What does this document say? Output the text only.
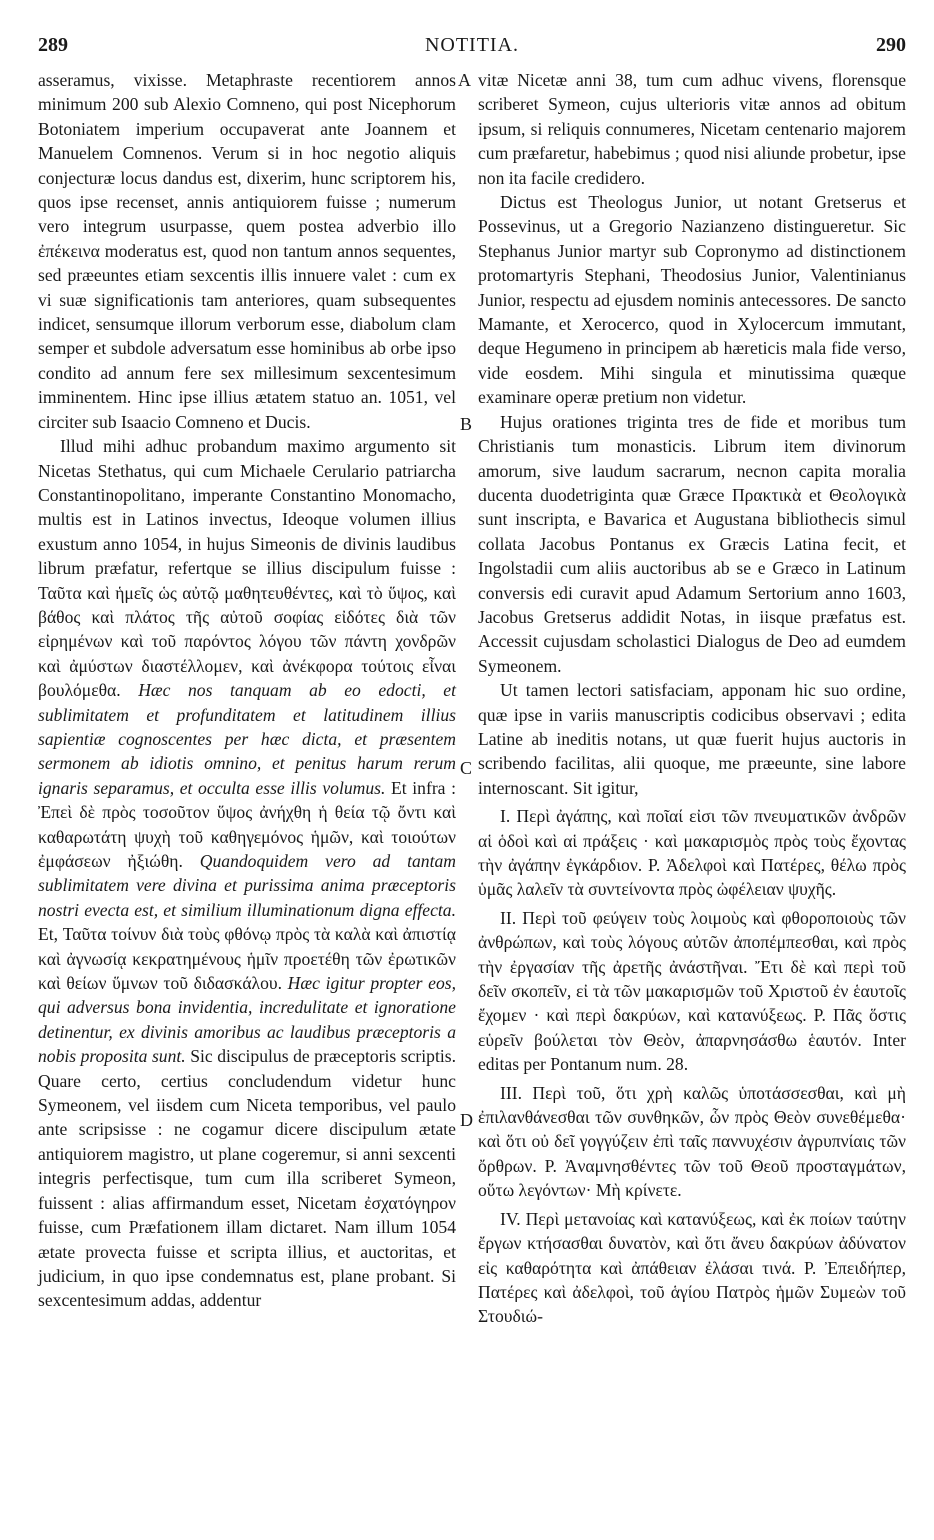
289	NOTITIA.	290
A
B
C
D

asseramus, vixisse. Metaphraste recentiorem annos minimum 200 sub Alexio Comneno, qui post Nicephorum Botoniatem imperium occupaverat ante Joannem et Manuelem Comnenos. Verum si in hoc negotio aliquis conjecturæ locus dandus est, dixerim, hunc scriptorem his, quos ipse recenset, annis antiquiorem fuisse ; numerum vero integrum usurpasse, quem postea adverbio illo ἐπέκεινα moderatus est, quod non tantum annos sequentes, sed præeuntes etiam sexcentis illis innuere valet : cum ex vi suæ significationis tam anteriores, quam subsequentes indicet, sensumque illorum verborum esse, diabolum clam semper et subdole adversatum esse hominibus ab orbe ipso condito ad annum fere sex millesimum sexcentesimum imminentem. Hinc ipse illius ætatem statuo an. 1051, vel circiter sub Isaacio Comneno et Ducis.

Illud mihi adhuc probandum maximo argumento sit Nicetas Stethatus, qui cum Michaele Cerulario patriarcha Constantinopolitano, imperante Constantino Monomacho, multis est in Latinos invectus, Ideoque volumen illius exustum anno 1054, in hujus Simeonis de divinis laudibus librum præfatur, refertque se illius discipulum fuisse : Ταῦτα καὶ ἡμεῖς ὡς αὐτῷ μαθητευθέντες, καὶ τὸ ὕψος, καὶ βάθος καὶ πλάτος τῆς αὐτοῦ σοφίας εἰδότες διὰ τῶν εἰρημένων καὶ τοῦ παρόντος λόγου τῶν πάντη χονδρῶν καὶ ἀμύστων διαστέλλομεν, καὶ ἀνέκφορα τούτοις εἶναι βουλόμεθα. Hæc nos tanquam ab eo edocti, et sublimitatem et profunditatem et latitudinem illius sapientiæ cognoscentes per hæc dicta, et præsentem sermonem ab idiotis omnino, et penitus harum rerum ignaris separamus, et occulta esse illis volumus. Et infra : Ἐπεὶ δὲ πρὸς τοσοῦτον ὕψος ἀνήχθη ἡ θεία τῷ ὄντι καὶ καθαρωτάτη ψυχὴ τοῦ καθηγεμόνος ἡμῶν, καὶ τοιούτων ἐμφάσεων ἠξιώθη. Quandoquidem vero ad tantam sublimitatem vere divina et purissima anima præceptoris nostri evecta est, et similium illuminationum digna effecta. Et, Ταῦτα τοίνυν διὰ τοὺς φθόνῳ πρὸς τὰ καλὰ καὶ ἀπιστίᾳ καὶ ἀγνωσίᾳ κεκρατημένους ἡμῖν προετέθη τῶν ἐρωτικῶν καὶ θείων ὕμνων τοῦ διδασκάλου. Hæc igitur propter eos, qui adversus bona invidentia, incredulitate et ignoratione detinentur, ex divinis amoribus ac laudibus præceptoris a nobis proposita sunt. Sic discipulus de præceptoris scriptis. Quare certo, certius concludendum videtur hunc Symeonem, vel iisdem cum Niceta temporibus, vel paulo ante scripsisse : ne cogamur dicere discipulum ætate antiquiorem magistro, ut plane cogeremur, si anni sexcenti integris perfectisque, tum cum illa scriberet Symeon, fuissent : alias affirmandum esset, Nicetam ἐσχατόγηρον fuisse, cum Præfationem illam dictaret. Nam illum 1054 ætate provecta fuisse et scripta illius, et auctoritas, et judicium, in quo ipse condemnatus est, plane probant. Si sexcentesimum addas, addentur

vitæ Nicetæ anni 38, tum cum adhuc vivens, florensque scriberet Symeon, cujus ulterioris vitæ annos ad obitum ipsum, si reliquis connumeres, Nicetam centenario majorem cum præfaretur, habebimus ; quod nisi aliunde probetur, ipse non ita facile credidero.

Dictus est Theologus Junior, ut notant Gretserus et Possevinus, ut a Gregorio Nazianzeno distingueretur. Sic Stephanus Junior martyr sub Copronymo ad distinctionem protomartyris Stephani, Theodosius Junior, Valentinianus Junior, respectu ad ejusdem nominis antecessores. De sancto Mamante, et Xerocerco, quod in Xylocercum immutant, deque Hegumeno in principem ab hæreticis mala fide verso, vide eosdem. Mihi singula et minutissima quæque examinare operæ pretium non videtur.

Hujus orationes triginta tres de fide et moribus tum Christianis tum monasticis. Librum item divinorum amorum, sive laudum sacrarum, necnon capita moralia ducenta duodetriginta quæ Græce Πρακτικὰ et Θεολογικὰ sunt inscripta, e Bavarica et Augustana bibliothecis simul collata Jacobus Pontanus ex Græcis Latina fecit, et Ingolstadii cum aliis auctoribus ab se e Græco in Latinum conversis edi curavit apud Adamum Sertorium anno 1603, Jacobus Gretserus addidit Notas, in iisque præfatus est. Accessit cujusdam scholastici Dialogus de Deo ad eumdem Symeonem.

Ut tamen lectori satisfaciam, apponam hic suo ordine, quæ ipse in variis manuscriptis codicibus observavi ; edita Latine ab ineditis notans, ut quæ fuerit hujus auctoris in scribendo facilitas, alii quoque, me præeunte, sine labore internoscant. Sit igitur,

I. Περὶ ἀγάπης, καὶ ποῖαί εἰσι τῶν πνευματικῶν ἀνδρῶν αἱ ὁδοὶ καὶ αἱ πράξεις · καὶ μακαρισμὸς πρὸς τοὺς ἔχοντας τὴν ἀγάπην ἐγκάρδιον. P. Ἀδελφοὶ καὶ Πατέρες, θέλω πρὸς ὑμᾶς λαλεῖν τὰ συντείνοντα πρὸς ὠφέλειαν ψυχῆς.

II. Περὶ τοῦ φεύγειν τοὺς λοιμοὺς καὶ φθοροποιοὺς τῶν ἀνθρώπων, καὶ τοὺς λόγους αὐτῶν ἀποπέμπεσθαι, καὶ πρὸς τὴν ἐργασίαν τῆς ἀρετῆς ἀνάστῆναι. Ἔτι δὲ καὶ περὶ τοῦ δεῖν σκοπεῖν, εἰ τὰ τῶν μακαρισμῶν τοῦ Χριστοῦ ἐν ἑαυτοῖς ἔχομεν · καὶ περὶ δακρύων, καὶ κατανύξεως. P. Πᾶς ὅστις εὑρεῖν βούλεται τὸν Θεὸν, ἀπαρνησάσθω ἑαυτόν. Inter editas per Pontanum num. 28.

III. Περὶ τοῦ, ὅτι χρὴ καλῶς ὑποτάσσεσθαι, καὶ μὴ ἐπιλανθάνεσθαι τῶν συνθηκῶν, ὧν πρὸς Θεὸν συνεθέμεθα· καὶ ὅτι οὐ δεῖ γογγύζειν ἐπὶ ταῖς παννυχέσιν ἀγρυπνίαις τῶν ὄρθρων. P. Ἀναμνησθέντες τῶν τοῦ Θεοῦ προσταγμάτων, οὕτω λεγόντων· Μὴ κρίνετε.

IV. Περὶ μετανοίας καὶ κατανύξεως, καὶ ἐκ ποίων ταύτην ἔργων κτήσασθαι δυνατὸν, καὶ ὅτι ἄνευ δακρύων ἀδύνατον εἰς καθαρότητα καὶ ἀπάθειαν ἐλάσαι τινά. P. Ἐπειδήπερ, Πατέρες καὶ ἀδελφοὶ, τοῦ ἁγίου Πατρὸς ἡμῶν Συμεὼν τοῦ Στουδιώ-
